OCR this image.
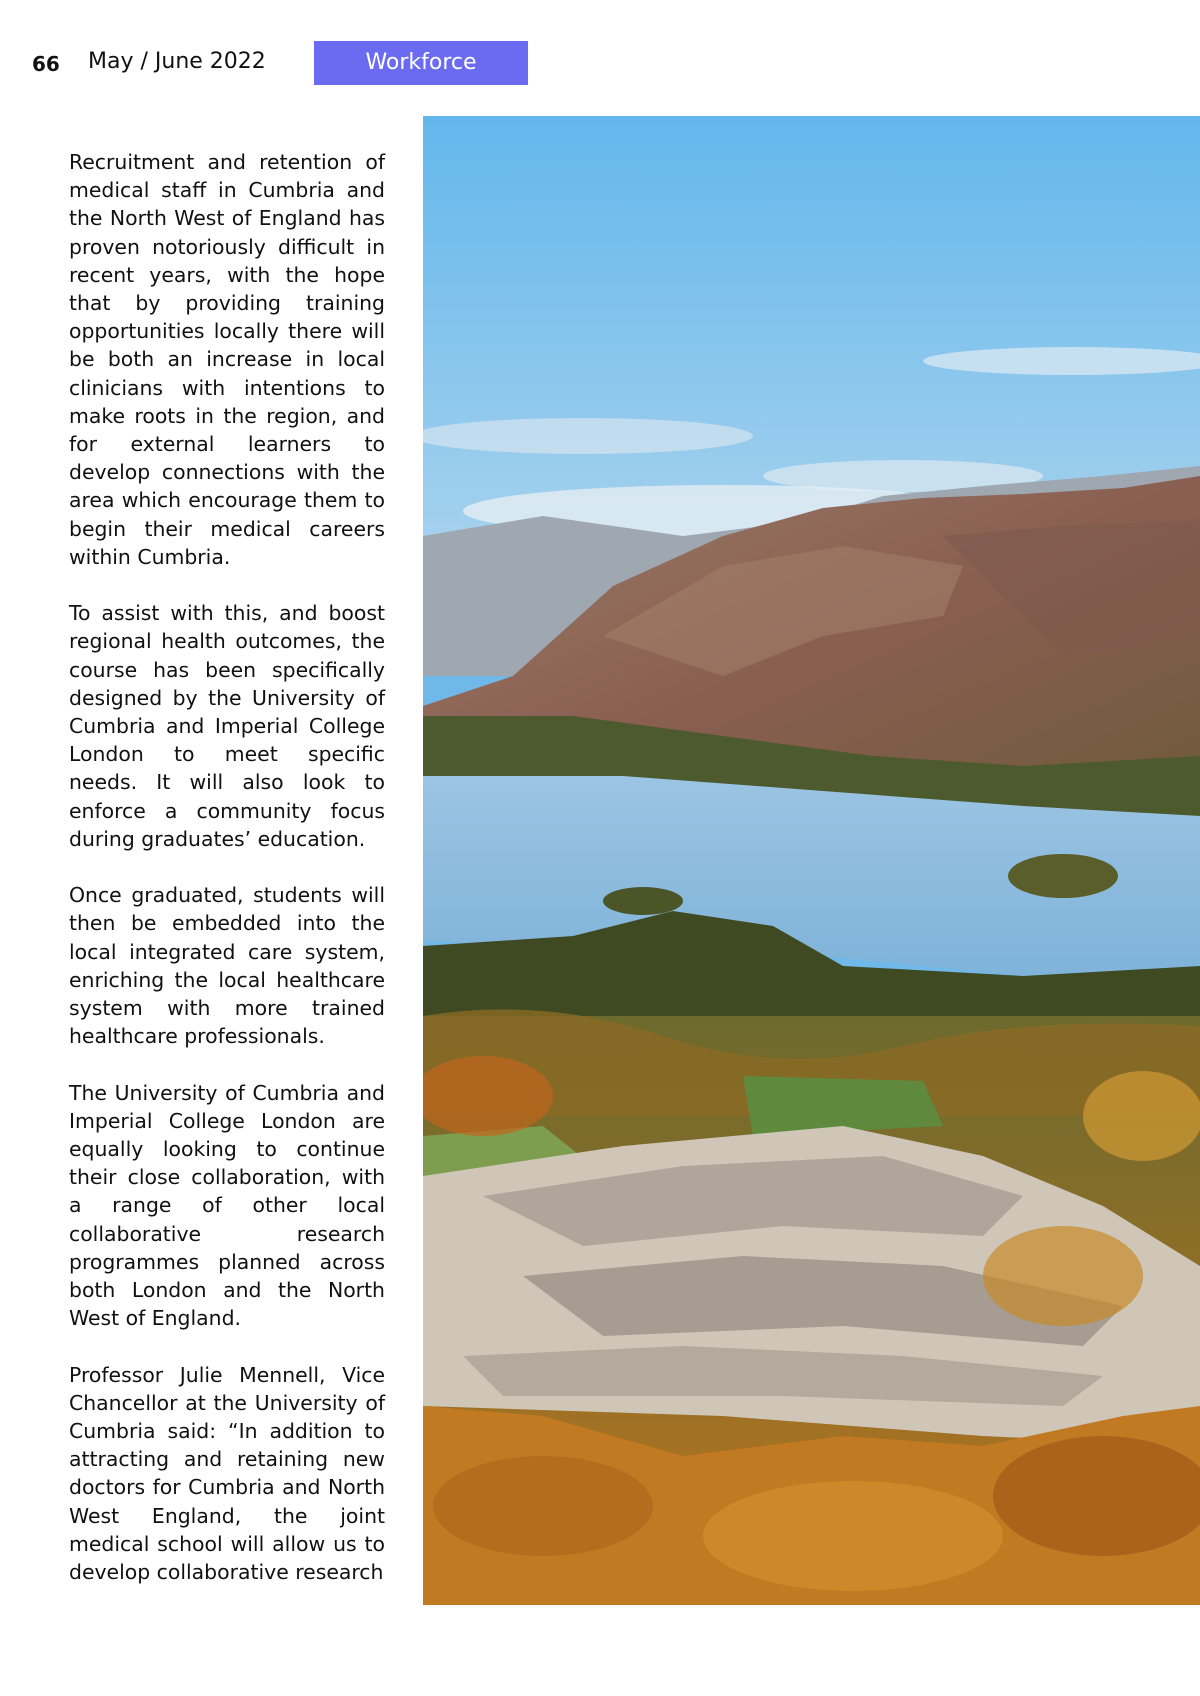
66 May / June 2022	Workforce

Recruitment and retention of medical staff in Cumbria and the North West of England has proven notoriously difficult in recent years, with the hope that by providing training opportunities locally there will be both an increase in local clinicians with intentions to make roots in the region, and for external learners to develop connections with the area which encourage them to begin their medical careers within Cumbria.

To assist with this, and boost regional health outcomes, the course has been specifically designed by the University of Cumbria and Imperial College London to meet specific needs. It will also look to enforce a community focus during graduates’ education.

Once graduated, students will then be embedded into the local integrated care system, enriching the local healthcare system with more trained healthcare professionals.

The University of Cumbria and Imperial College London are equally looking to continue their close collaboration, with a range of other local collaborative research programmes planned across both London and the North West of England.

Professor Julie Mennell, Vice Chancellor at the University of Cumbria said: “In addition to attracting and retaining new doctors for Cumbria and North West England, the joint medical school will allow us to develop collaborative research
